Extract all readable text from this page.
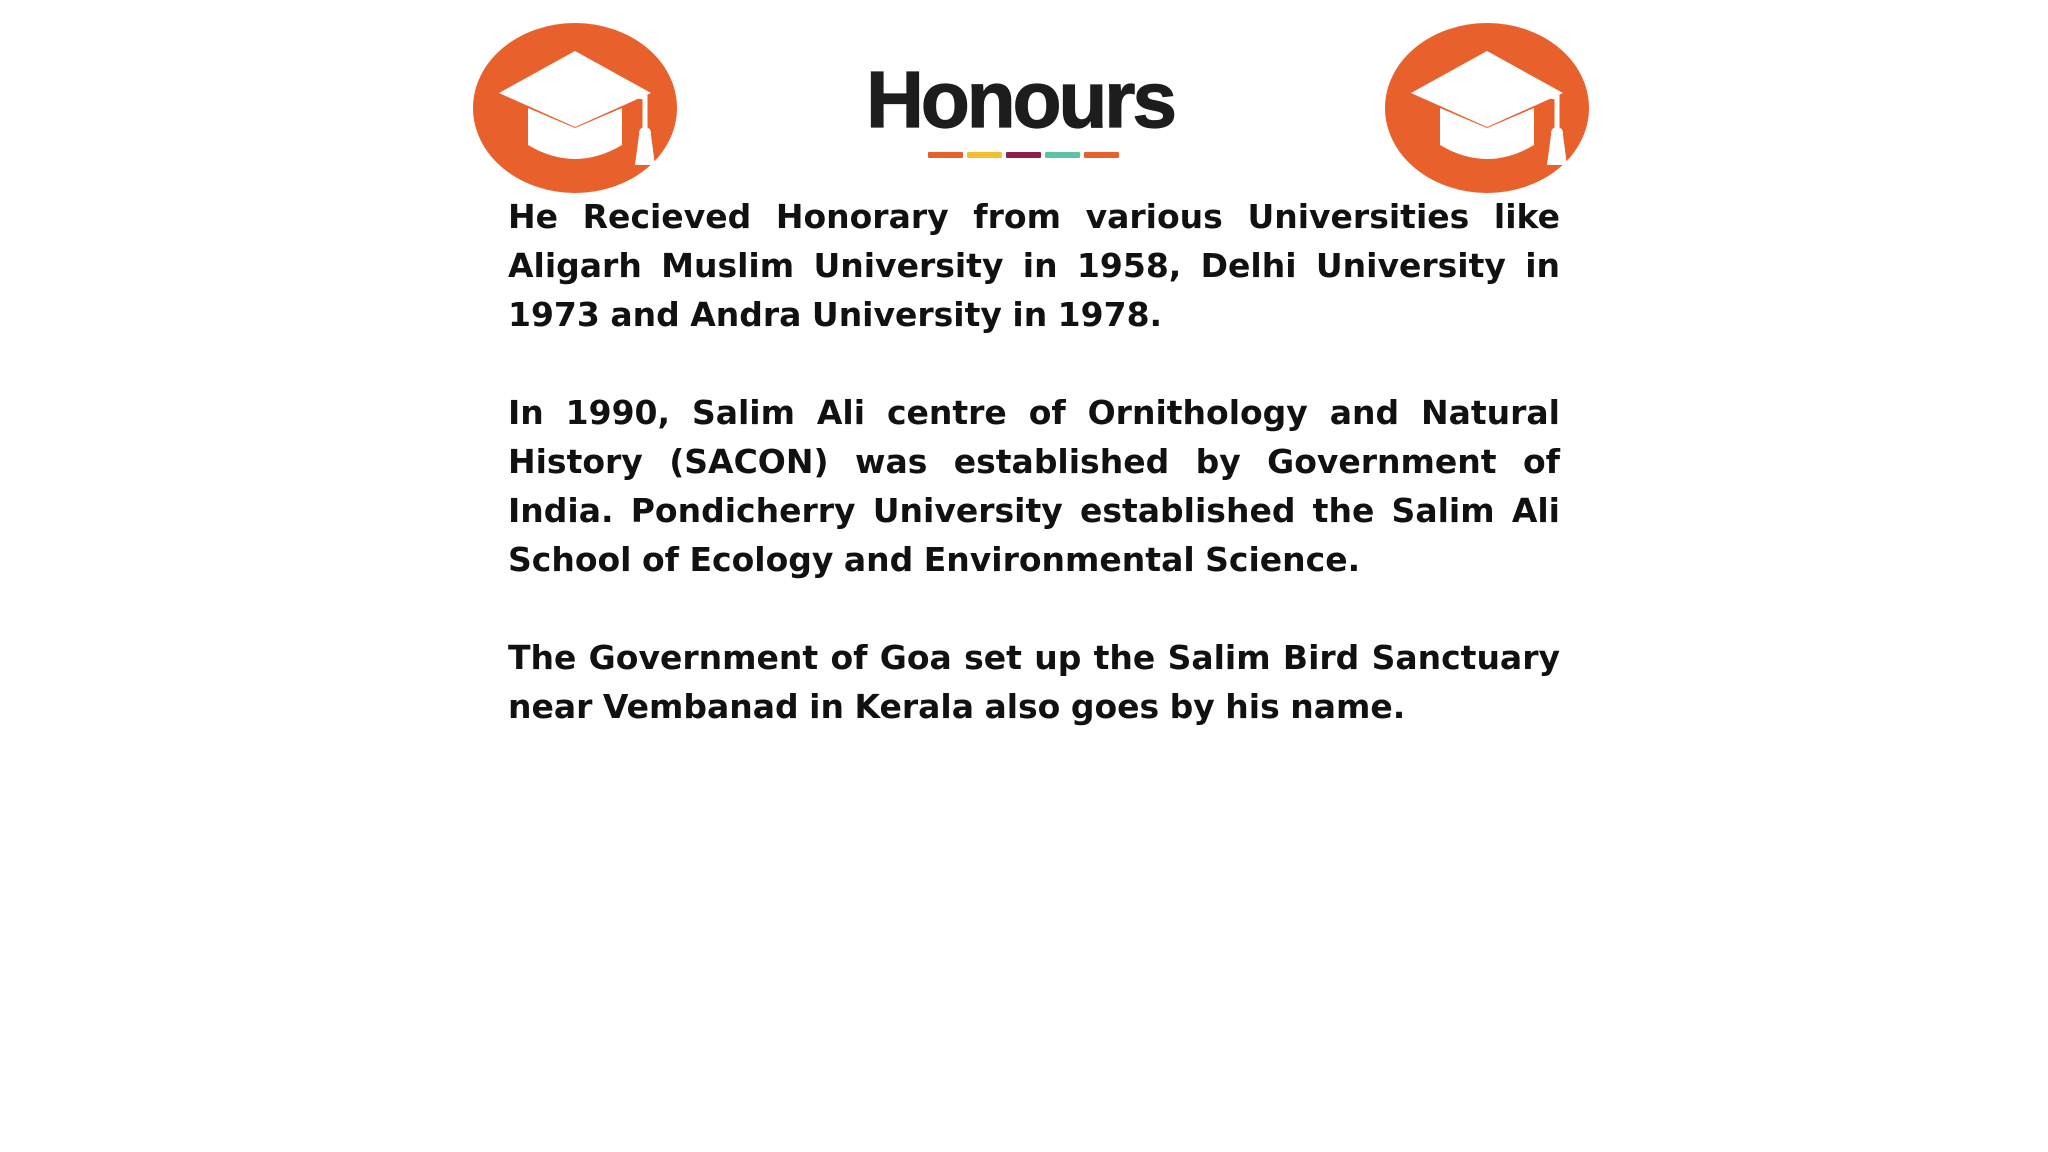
Honours

He Recieved Honorary from various Universities like Aligarh Muslim University in 1958, Delhi University in 1973 and Andra University in 1978.

In 1990, Salim Ali centre of Ornithology and Natural History (SACON) was established by Government of India. Pondicherry University established the Salim Ali School of Ecology and Environmental Science.

The Government of Goa set up the Salim Bird Sanctuary near Vembanad in Kerala also goes by his name.
